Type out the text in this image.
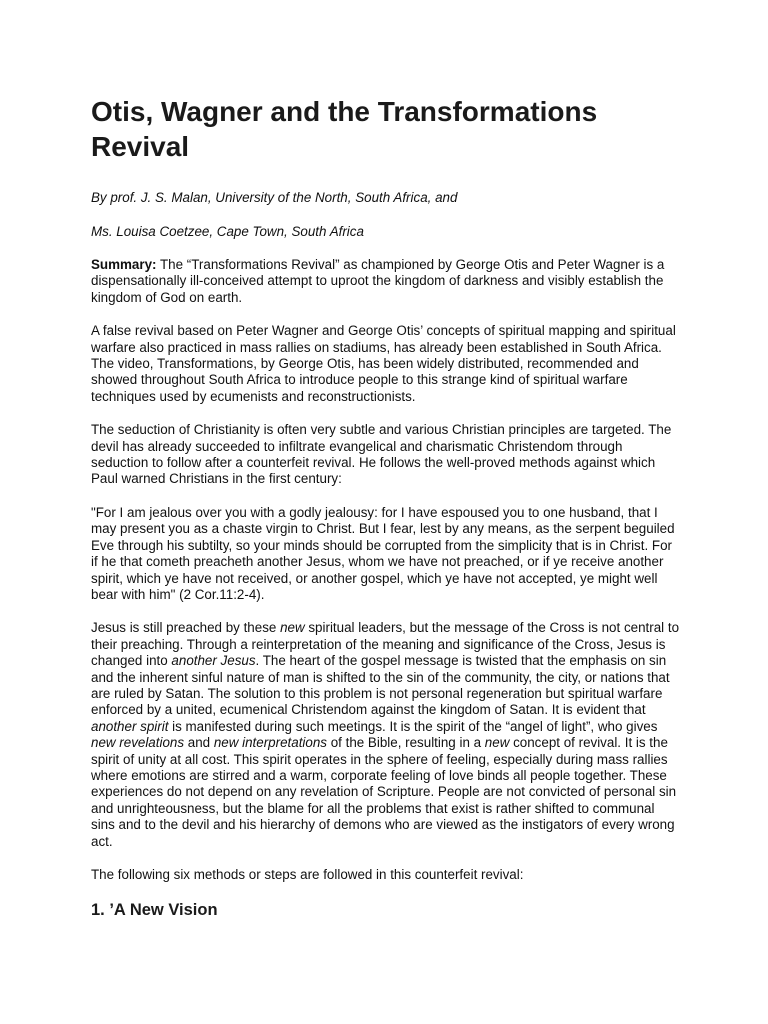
Otis, Wagner and the Transformations Revival

By prof. J. S. Malan, University of the North, South Africa, and

Ms. Louisa Coetzee, Cape Town, South Africa

Summary: The “Transformations Revival” as championed by George Otis and Peter Wagner is a dispensationally ill-conceived attempt to uproot the kingdom of darkness and visibly establish the kingdom of God on earth.

A false revival based on Peter Wagner and George Otis’ concepts of spiritual mapping and spiritual warfare also practiced in mass rallies on stadiums, has already been established in South Africa. The video, Transformations, by George Otis, has been widely distributed, recommended and showed throughout South Africa to introduce people to this strange kind of spiritual warfare techniques used by ecumenists and reconstructionists.

The seduction of Christianity is often very subtle and various Christian principles are targeted. The devil has already succeeded to infiltrate evangelical and charismatic Christendom through seduction to follow after a counterfeit revival. He follows the well-proved methods against which Paul warned Christians in the first century:

"For I am jealous over you with a godly jealousy: for I have espoused you to one husband, that I may present you as a chaste virgin to Christ. But I fear, lest by any means, as the serpent beguiled Eve through his subtilty, so your minds should be corrupted from the simplicity that is in Christ. For if he that cometh preacheth another Jesus, whom we have not preached, or if ye receive another spirit, which ye have not received, or another gospel, which ye have not accepted, ye might well bear with him" (2 Cor.11:2-4).

Jesus is still preached by these new spiritual leaders, but the message of the Cross is not central to their preaching. Through a reinterpretation of the meaning and significance of the Cross, Jesus is changed into another Jesus. The heart of the gospel message is twisted that the emphasis on sin and the inherent sinful nature of man is shifted to the sin of the community, the city, or nations that are ruled by Satan. The solution to this problem is not personal regeneration but spiritual warfare enforced by a united, ecumenical Christendom against the kingdom of Satan. It is evident that another spirit is manifested during such meetings. It is the spirit of the “angel of light”, who gives new revelations and new interpretations of the Bible, resulting in a new concept of revival. It is the spirit of unity at all cost. This spirit operates in the sphere of feeling, especially during mass rallies where emotions are stirred and a warm, corporate feeling of love binds all people together. These experiences do not depend on any revelation of Scripture. People are not convicted of personal sin and unrighteousness, but the blame for all the problems that exist is rather shifted to communal sins and to the devil and his hierarchy of demons who are viewed as the instigators of every wrong act.

The following six methods or steps are followed in this counterfeit revival:

1. ’A New Vision
